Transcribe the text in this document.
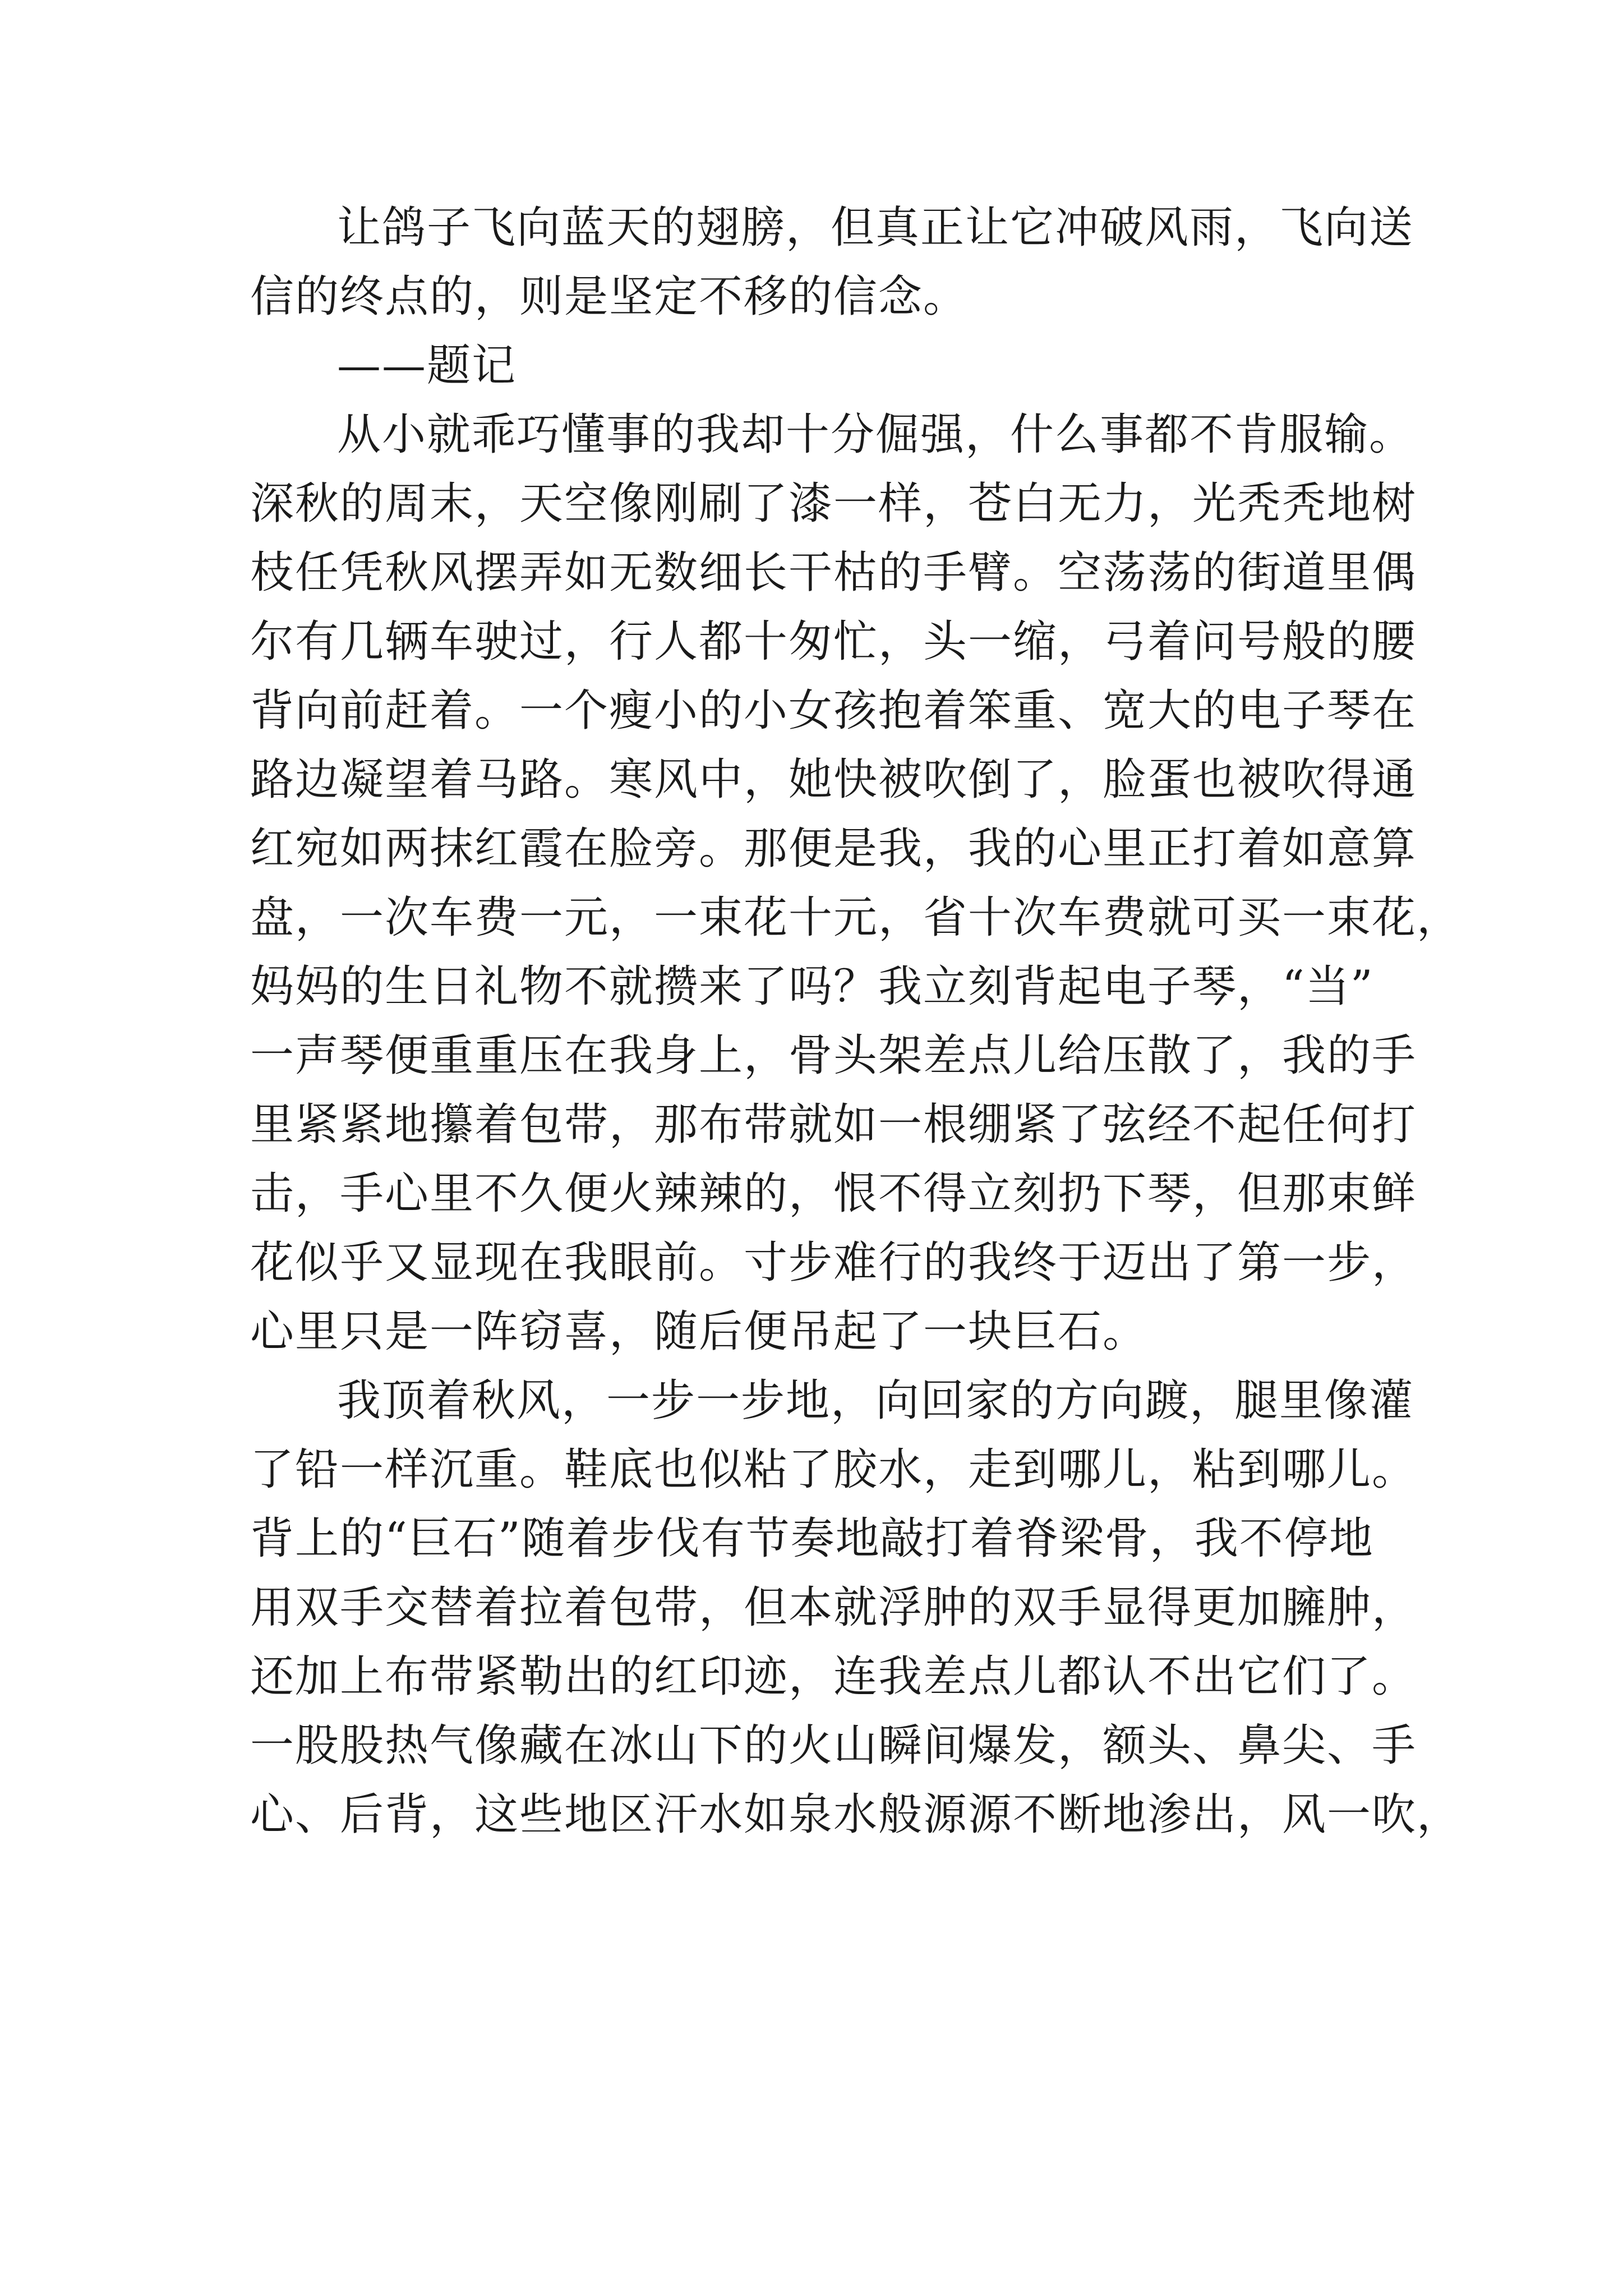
让鸽子飞向蓝天的翅膀，但真正让它冲破风雨，飞向送
信的终点的，则是坚定不移的信念。
——题记
从小就乖巧懂事的我却十分倔强，什么事都不肯服输。
深秋的周末，天空像刚刷了漆一样，苍白无力，光秃秃地树
枝任凭秋风摆弄如无数细长干枯的手臂。空荡荡的街道里偶
尔有几辆车驶过，行人都十匆忙，头一缩，弓着问号般的腰
背向前赶着。一个瘦小的小女孩抱着笨重、宽大的电子琴在
路边凝望着马路。寒风中，她快被吹倒了，脸蛋也被吹得通
红宛如两抹红霞在脸旁。那便是我，我的心里正打着如意算
盘，一次车费一元，一束花十元，省十次车费就可买一束花，
妈妈的生日礼物不就攒来了吗？我立刻背起电子琴，“当”
一声琴便重重压在我身上，骨头架差点儿给压散了，我的手
里紧紧地攥着包带，那布带就如一根绷紧了弦经不起任何打
击，手心里不久便火辣辣的，恨不得立刻扔下琴，但那束鲜
花似乎又显现在我眼前。寸步难行的我终于迈出了第一步，
心里只是一阵窃喜，随后便吊起了一块巨石。
我顶着秋风，一步一步地，向回家的方向踱，腿里像灌
了铅一样沉重。鞋底也似粘了胶水，走到哪儿，粘到哪儿。
背上的“巨石”随着步伐有节奏地敲打着脊梁骨，我不停地
用双手交替着拉着包带，但本就浮肿的双手显得更加臃肿，
还加上布带紧勒出的红印迹，连我差点儿都认不出它们了。
一股股热气像藏在冰山下的火山瞬间爆发，额头、鼻尖、手
心、后背，这些地区汗水如泉水般源源不断地渗出，风一吹，
